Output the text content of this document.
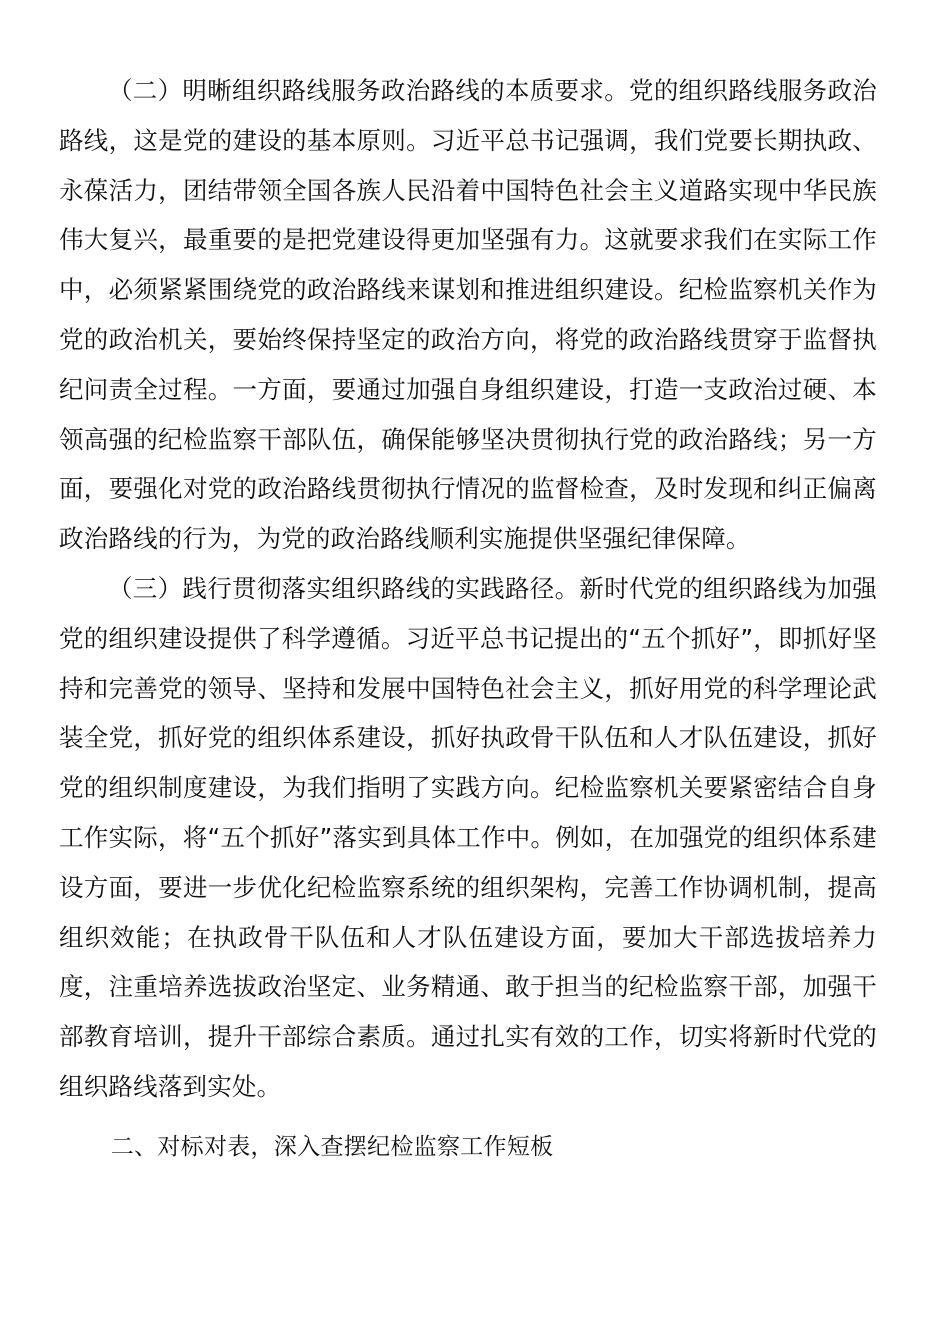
（二）明晰组织路线服务政治路线的本质要求。党的组织路线服务政治路线，这是党的建设的基本原则。习近平总书记强调，我们党要长期执政、永葆活力，团结带领全国各族人民沿着中国特色社会主义道路实现中华民族伟大复兴，最重要的是把党建设得更加坚强有力。这就要求我们在实际工作中，必须紧紧围绕党的政治路线来谋划和推进组织建设。纪检监察机关作为党的政治机关，要始终保持坚定的政治方向，将党的政治路线贯穿于监督执纪问责全过程。一方面，要通过加强自身组织建设，打造一支政治过硬、本领高强的纪检监察干部队伍，确保能够坚决贯彻执行党的政治路线；另一方面，要强化对党的政治路线贯彻执行情况的监督检查，及时发现和纠正偏离政治路线的行为，为党的政治路线顺利实施提供坚强纪律保障。

（三）践行贯彻落实组织路线的实践路径。新时代党的组织路线为加强党的组织建设提供了科学遵循。习近平总书记提出的“五个抓好”，即抓好坚持和完善党的领导、坚持和发展中国特色社会主义，抓好用党的科学理论武装全党，抓好党的组织体系建设，抓好执政骨干队伍和人才队伍建设，抓好党的组织制度建设，为我们指明了实践方向。纪检监察机关要紧密结合自身工作实际，将“五个抓好”落实到具体工作中。例如，在加强党的组织体系建设方面，要进一步优化纪检监察系统的组织架构，完善工作协调机制，提高组织效能；在执政骨干队伍和人才队伍建设方面，要加大干部选拔培养力度，注重培养选拔政治坚定、业务精通、敢于担当的纪检监察干部，加强干部教育培训，提升干部综合素质。通过扎实有效的工作，切实将新时代党的组织路线落到实处。

二、对标对表，深入查摆纪检监察工作短板
